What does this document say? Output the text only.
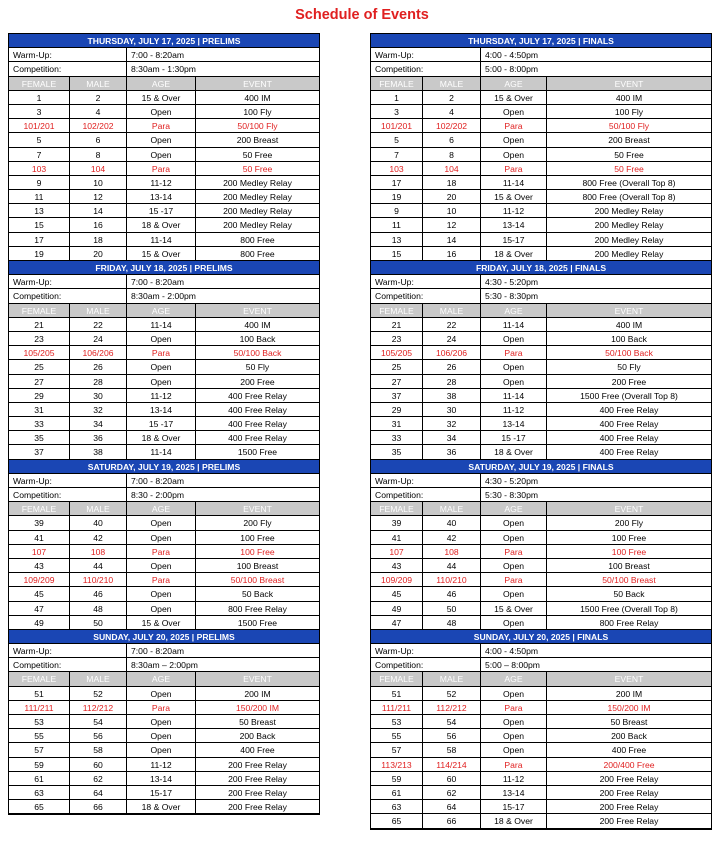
Schedule of Events
THURSDAY, JULY 17, 2025 | PRELIMS
Warm-Up:	7:00 - 8:20am
Competition:	8:30am - 1:30pm
FEMALE	MALE	AGE	EVENT
1	2	15 & Over	400 IM
3	4	Open	100 Fly
101/201	102/202	Para	50/100 Fly
5	6	Open	200 Breast
7	8	Open	50 Free
103	104	Para	50 Free
9	10	11-12	200 Medley Relay
11	12	13-14	200 Medley Relay
13	14	15 -17	200 Medley Relay
15	16	18 & Over	200 Medley Relay
17	18	11-14	800 Free
19	20	15 & Over	800 Free
FRIDAY, JULY 18, 2025 | PRELIMS
Warm-Up:	7:00 - 8:20am
Competition:	8:30am - 2:00pm
FEMALE	MALE	AGE	EVENT
21	22	11-14	400 IM
23	24	Open	100 Back
105/205	106/206	Para	50/100 Back
25	26	Open	50 Fly
27	28	Open	200 Free
29	30	11-12	400 Free Relay
31	32	13-14	400 Free Relay
33	34	15 -17	400 Free Relay
35	36	18 & Over	400 Free Relay
37	38	11-14	1500 Free
SATURDAY, JULY 19, 2025 | PRELIMS
Warm-Up:	7:00 - 8:20am
Competition:	8:30 - 2:00pm
FEMALE	MALE	AGE	EVENT
39	40	Open	200 Fly
41	42	Open	100 Free
107	108	Para	100 Free
43	44	Open	100 Breast
109/209	110/210	Para	50/100 Breast
45	46	Open	50 Back
47	48	Open	800 Free Relay
49	50	15 & Over	1500 Free
SUNDAY, JULY 20, 2025 | PRELIMS
Warm-Up:	7:00 - 8:20am
Competition:	8:30am – 2:00pm
FEMALE	MALE	AGE	EVENT
51	52	Open	200 IM
111/211	112/212	Para	150/200 IM
53	54	Open	50 Breast
55	56	Open	200 Back
57	58	Open	400 Free
59	60	11-12	200 Free Relay
61	62	13-14	200 Free Relay
63	64	15-17	200 Free Relay
65	66	18 & Over	200 Free Relay
THURSDAY, JULY 17, 2025 | FINALS
Warm-Up:	4:00 - 4:50pm
Competition:	5:00 - 8:00pm
FEMALE	MALE	AGE	EVENT
1	2	15 & Over	400 IM
3	4	Open	100 Fly
101/201	102/202	Para	50/100 Fly
5	6	Open	200 Breast
7	8	Open	50 Free
103	104	Para	50 Free
17	18	11-14	800 Free (Overall Top 8)
19	20	15 & Over	800 Free (Overall Top 8)
9	10	11-12	200 Medley Relay
11	12	13-14	200 Medley Relay
13	14	15-17	200 Medley Relay
15	16	18 & Over	200 Medley Relay
FRIDAY, JULY 18, 2025 | FINALS
Warm-Up:	4:30 - 5:20pm
Competition:	5:30 - 8:30pm
FEMALE	MALE	AGE	EVENT
21	22	11-14	400 IM
23	24	Open	100 Back
105/205	106/206	Para	50/100 Back
25	26	Open	50 Fly
27	28	Open	200 Free
37	38	11-14	1500 Free (Overall Top 8)
29	30	11-12	400 Free Relay
31	32	13-14	400 Free Relay
33	34	15 -17	400 Free Relay
35	36	18 & Over	400 Free Relay
SATURDAY, JULY 19, 2025 | FINALS
Warm-Up:	4:30 - 5:20pm
Competition:	5:30 - 8:30pm
FEMALE	MALE	AGE	EVENT
39	40	Open	200 Fly
41	42	Open	100 Free
107	108	Para	100 Free
43	44	Open	100 Breast
109/209	110/210	Para	50/100 Breast
45	46	Open	50 Back
49	50	15 & Over	1500 Free (Overall Top 8)
47	48	Open	800 Free Relay
SUNDAY, JULY 20, 2025 | FINALS
Warm-Up:	4:00 - 4:50pm
Competition:	5:00 – 8:00pm
FEMALE	MALE	AGE	EVENT
51	52	Open	200 IM
111/211	112/212	Para	150/200 IM
53	54	Open	50 Breast
55	56	Open	200 Back
57	58	Open	400 Free
113/213	114/214	Para	200/400 Free
59	60	11-12	200 Free Relay
61	62	13-14	200 Free Relay
63	64	15-17	200 Free Relay
65	66	18 & Over	200 Free Relay
